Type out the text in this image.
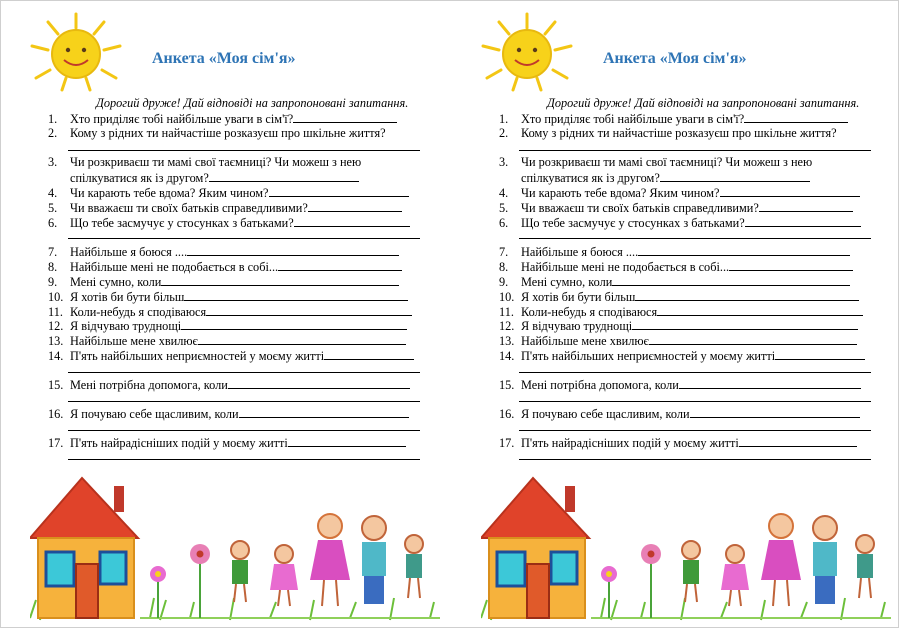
Анкета «Моя сім'я»
Дорогий друже! Дай відповіді на запропоновані запитання.
1. Хто приділяє тобі найбільше уваги в сім'ї?
2. Кому з рідних ти найчастіше розказуєш про шкільне життя?
3. Чи розкриваєш ти мамі свої таємниці? Чи можеш з нею
спілкуватися як із другом?
4. Чи карають тебе вдома? Яким чином?
5. Чи вважаєш ти своїх батьків справедливими?
6. Що тебе засмучує у стосунках з батьками?
7. Найбільше я боюся ....
8. Найбільше мені не подобається в собі...
9. Мені сумно, коли
10. Я хотів би бути більш
11. Коли-небудь я сподіваюся
12. Я відчуваю труднощі
13. Найбільше мене хвилює
14. П'ять найбільших неприємностей у моєму житті
15. Мені потрібна допомога, коли
16. Я почуваю себе щасливим, коли
17. П'ять найрадісніших подій у моєму житті
Анкета «Моя сім'я»
Дорогий друже! Дай відповіді на запропоновані запитання.
1. Хто приділяє тобі найбільше уваги в сім'ї?
2. Кому з рідних ти найчастіше розказуєш про шкільне життя?
3. Чи розкриваєш ти мамі свої таємниці? Чи можеш з нею
спілкуватися як із другом?
4. Чи карають тебе вдома? Яким чином?
5. Чи вважаєш ти своїх батьків справедливими?
6. Що тебе засмучує у стосунках з батьками?
7. Найбільше я боюся ....
8. Найбільше мені не подобається в собі...
9. Мені сумно, коли
10. Я хотів би бути більш
11. Коли-небудь я сподіваюся
12. Я відчуваю труднощі
13. Найбільше мене хвилює
14. П'ять найбільших неприємностей у моєму житті
15. Мені потрібна допомога, коли
16. Я почуваю себе щасливим, коли
17. П'ять найрадісніших подій у моєму житті
